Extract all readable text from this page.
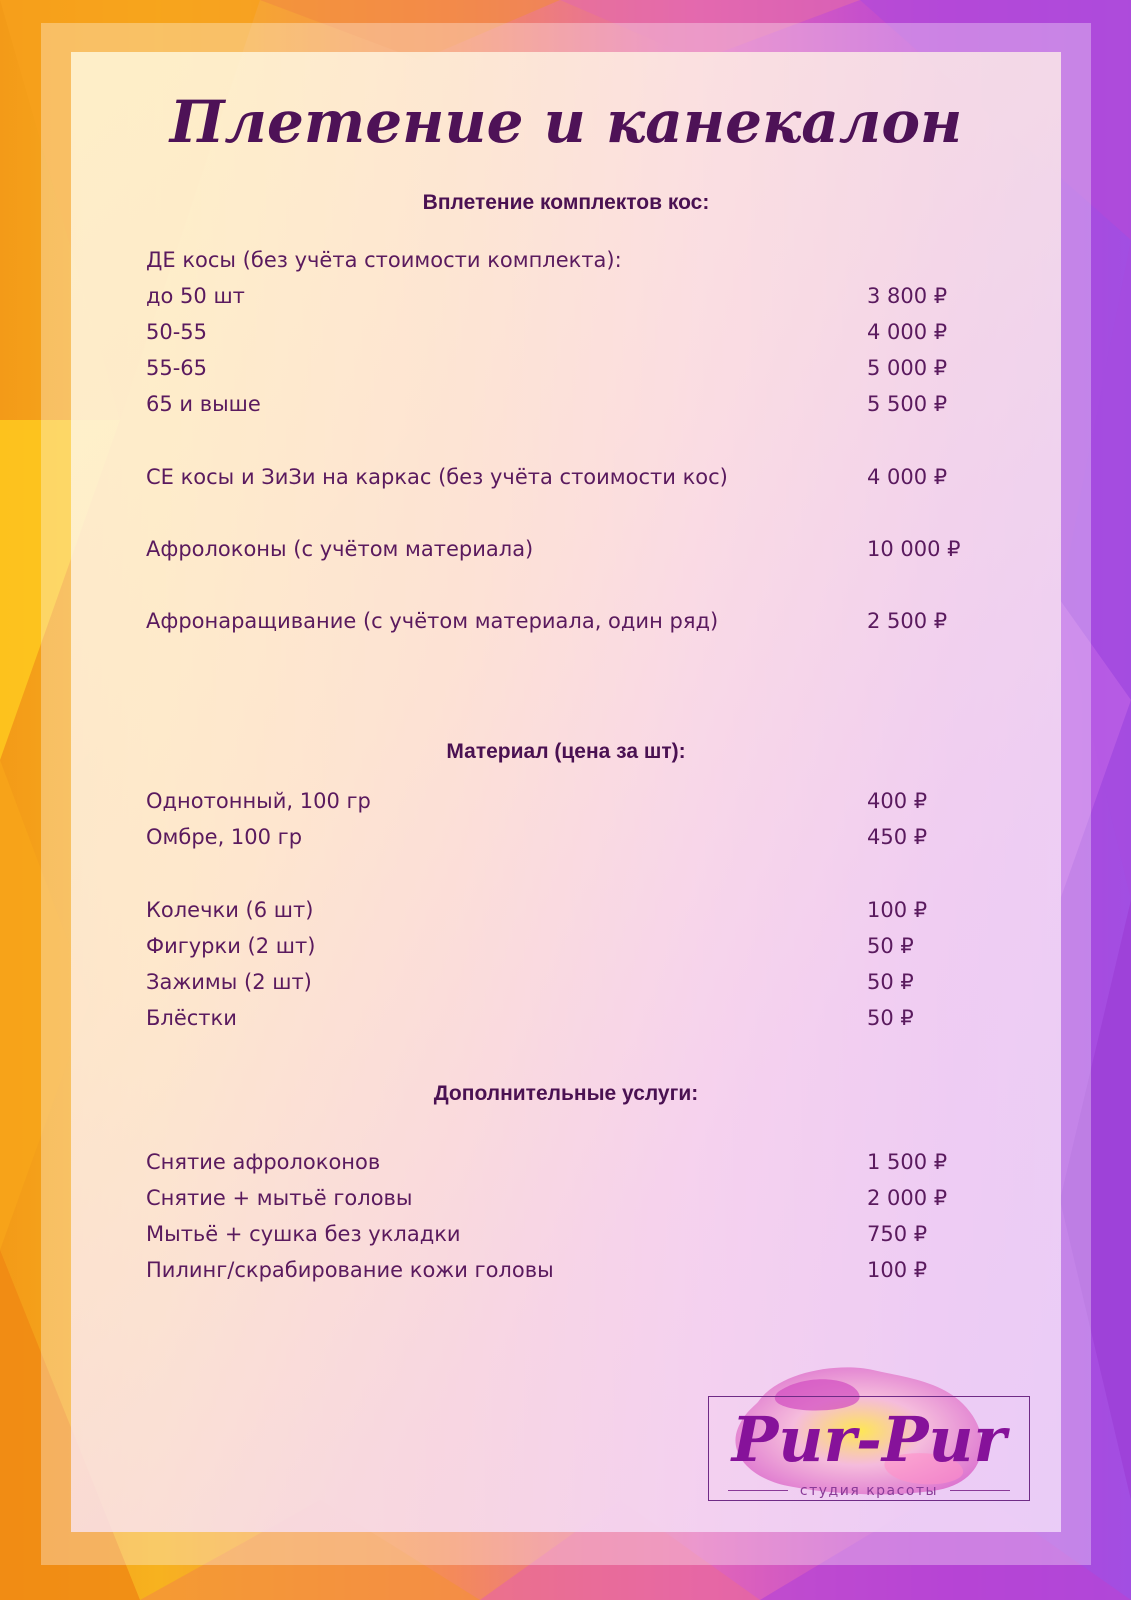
Плетение и канекалон
Вплетение комплектов кос:
ДЕ косы (без учёта стоимости комплекта):
до 50 шт	3 800 ₽
50-55	4 000 ₽
55-65	5 000 ₽
65 и выше	5 500 ₽
СЕ косы и ЗиЗи на каркас (без учёта стоимости кос)	4 000 ₽
Афролоконы (с учётом материала)	10 000 ₽
Афронаращивание (с учётом материала, один ряд)	2 500 ₽
Материал (цена за шт):
Однотонный, 100 гр	400 ₽
Омбре, 100 гр	450 ₽
Колечки (6 шт)	100 ₽
Фигурки (2 шт)	50 ₽
Зажимы (2 шт)	50 ₽
Блёстки	50 ₽
Дополнительные услуги:
Снятие афролоконов	1 500 ₽
Снятие + мытьё головы	2 000 ₽
Мытьё + сушка без укладки	750 ₽
Пилинг/скрабирование кожи головы	100 ₽
Pur-Pur
студия красоты
